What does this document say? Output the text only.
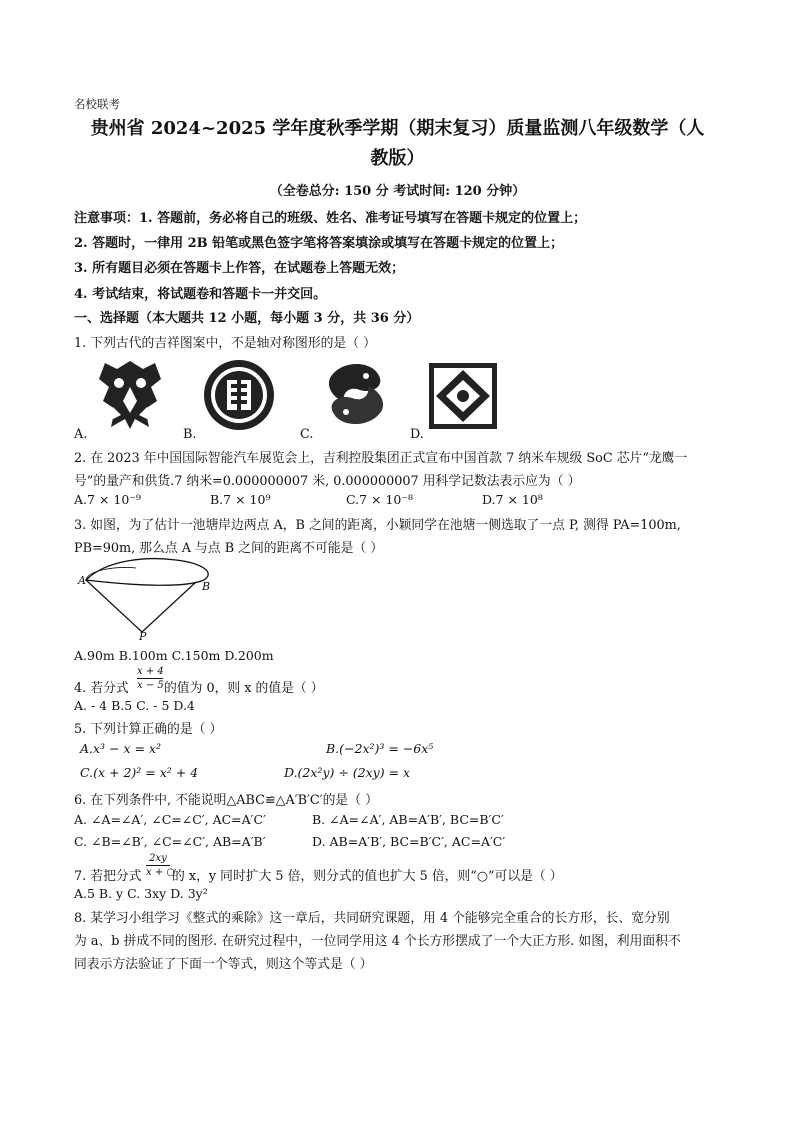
名校联考
贵州省 2024~2025 学年度秋季学期（期末复习）质量监测八年级数学（人
教版）
（全卷总分: 150 分 考试时间: 120 分钟）
注意事项：1. 答题前，务必将自己的班级、姓名、准考证号填写在答题卡规定的位置上；
2. 答题时，一律用 2B 铅笔或黑色签字笔将答案填涂或填写在答题卡规定的位置上；
3. 所有题目必须在答题卡上作答，在试题卷上答题无效；
4. 考试结束，将试题卷和答题卡一并交回。
一、选择题（本大题共 12 小题，每小题 3 分，共 36 分）
1. 下列古代的吉祥图案中，不是轴对称图形的是（ ）
A.	B.	C.	D.
2. 在 2023 年中国国际智能汽车展览会上，吉利控股集团正式宣布中国首款 7 纳米车规级 SoC 芯片“龙鹰一
号”的量产和供货.7 纳米=0.000000007 米, 0.000000007 用科学记数法表示应为（ ）
A.7 × 10⁻⁹	B.7 × 10⁹	C.7 × 10⁻⁸	D.7 × 10⁸
3. 如图，为了估计一池塘岸边两点 A，B 之间的距离，小颖同学在池塘一侧选取了一点 P, 测得 PA=100m,
PB=90m, 那么点 A 与点 B 之间的距离不可能是（ ）
A	B
P
A.90m B.100m C.150m D.200m
4. 若分式
x + 4
x − 5 的值为 0，则 x 的值是（ ）
A. - 4 B.5 C. - 5 D.4
5. 下列计算正确的是（ ）
A.x³ − x = x²	B.(−2x²)³ = −6x⁵
C.(x + 2)² = x² + 4	D.(2x²y) ÷ (2xy) = x
6. 在下列条件中, 不能说明△ABC≌△A′B′C′的是（ ）
A. ∠A=∠A′, ∠C=∠C′, AC=A′C′	B. ∠A=∠A′, AB=A′B′, BC=B′C′
C. ∠B=∠B′, ∠C=∠C′, AB=A′B′	D. AB=A′B′, BC=B′C′, AC=A′C′
7. 若把分式
2xy
x + ○
的 x，y 同时扩大 5 倍，则分式的值也扩大 5 倍，则“○”可以是（ ）
A.5 B. y C. 3xy D. 3y²
8. 某学习小组学习《整式的乘除》这一章后，共同研究课题，用 4 个能够完全重合的长方形，长、宽分别
为 a、b 拼成不同的图形. 在研究过程中，一位同学用这 4 个长方形摆成了一个大正方形. 如图，利用面积不
同表示方法验证了下面一个等式，则这个等式是（ ）
